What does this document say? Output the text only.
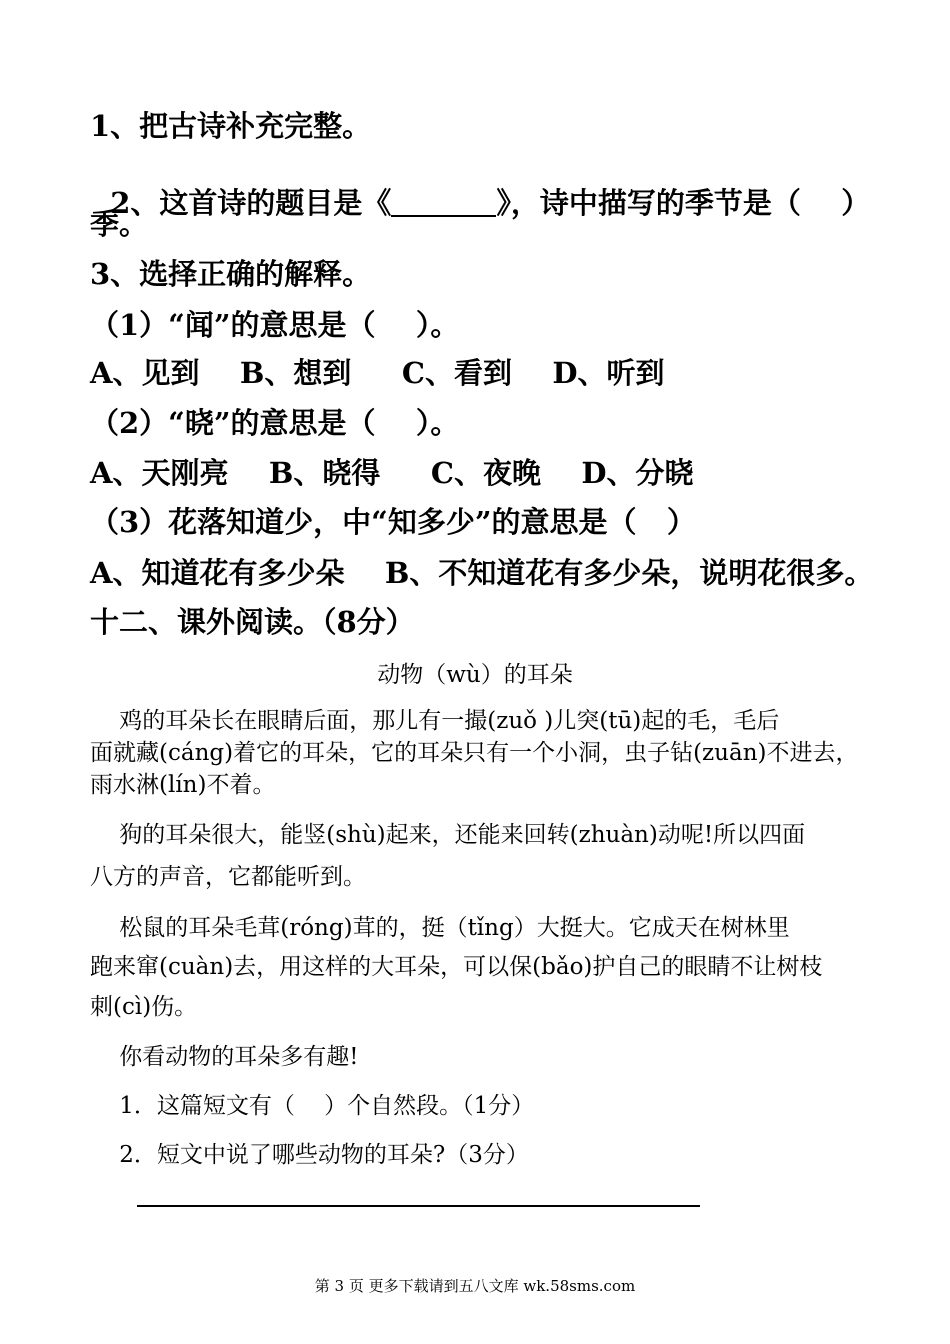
1、把古诗补充完整。

2、这首诗的题目是《	》，诗中描写的季节是（    ）

季。
3、选择正确的解释。
（1）“闻”的意思是（    ）。
A、见到    B、想到     C、看到    D、听到
（2）“晓”的意思是（    ）。
A、天刚亮    B、晓得     C、夜晚    D、分晓
（3）花落知道少，中“知多少”的意思是（   ）
A、知道花有多少朵    B、不知道花有多少朵，说明花很多。
十二、课外阅读。（8分）
动物（wù）的耳朵
鸡的耳朵长在眼睛后面，那儿有一撮(zuǒ )儿突(tū)起的毛，毛后
面就藏(cáng)着它的耳朵，它的耳朵只有一个小洞，虫子钻(zuān)不进去，
雨水淋(lín)不着。
狗的耳朵很大，能竖(shù)起来，还能来回转(zhuàn)动呢!所以四面
八方的声音，它都能听到。
松鼠的耳朵毛茸(róng)茸的，挺（tǐng）大挺大。它成天在树林里
跑来窜(cuàn)去，用这样的大耳朵，可以保(bǎo)护自己的眼睛不让树枝
刺(cì)伤。
你看动物的耳朵多有趣!
1．这篇短文有（    ）个自然段。（1分）
2．短文中说了哪些动物的耳朵?（3分）
第 3 页 更多下载请到五八文库 wk.58sms.com
